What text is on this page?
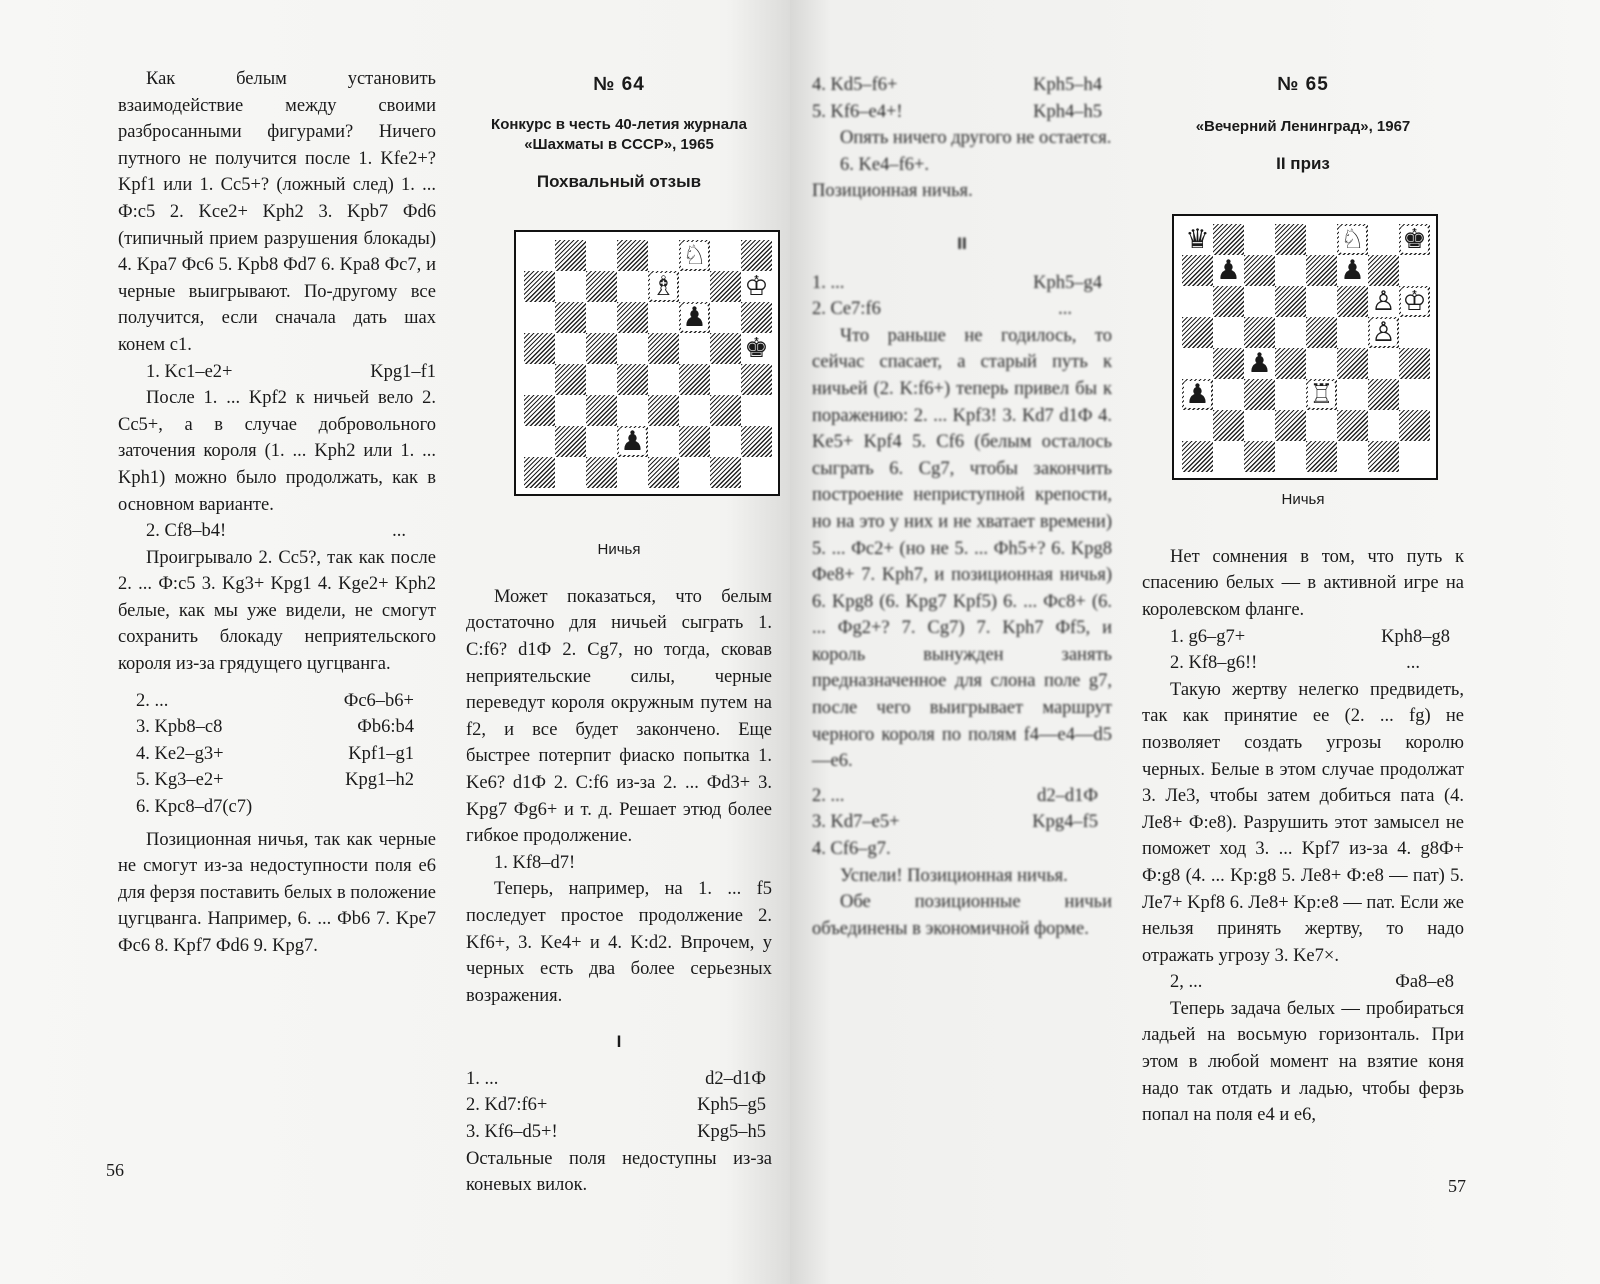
Как белым установить взаимодействие между своими разбросанными фигурами? Ничего путного не получится после 1. Kfe2+? Kpf1 или 1. Cc5+? (ложный след) 1. ... Ф:c5 2. Kce2+ Kph2 3. Kpb7 Фd6 (типичный прием разрушения блокады) 4. Kpa7 Фc6 5. Kpb8 Фd7 6. Kpa8 Фc7, и черные выигрывают. По-другому все получится, если сначала дать шах конем c1.

1. Kc1–e2+	Kpg1–f1

После 1. ... Kpf2 к ничьей вело 2. Cc5+, а в случае добровольного заточения короля (1. ... Kph2 или 1. ... Kph1) можно было продолжать, как в основном варианте.

2. Cf8–b4!	...

Проигрывало 2. Cc5?, так как после 2. ... Ф:c5 3. Kg3+ Kpg1 4. Kge2+ Kph2 белые, как мы уже видели, не смогут сохранить блокаду неприятельского короля из-за грядущего цугцванга.

2. ...	Фc6–b6+
3. Kpb8–c8	Фb6:b4
4. Ke2–g3+	Kpf1–g1
5. Kg3–e2+	Kpg1–h2
6. Kpc8–d7(c7)

Позиционная ничья, так как черные не смогут из-за недоступности поля e6 для ферзя поставить белых в положение цугцванга. Например, 6. ... Фb6 7. Kpe7 Фc6 8. Kpf7 Фd6 9. Kpg7.

56
№ 64
Конкурс в честь 40-летия журнала «Шахматы в СССР», 1965
Похвальный отзыв
Ничья

Может показаться, что белым достаточно для ничьей сыграть 1. C:f6? d1Ф 2. Cg7, но тогда, сковав неприятельские силы, черные переведут короля окружным путем на f2, и все будет закончено. Еще быстрее потерпит фиаско попытка 1. Ke6? d1Ф 2. C:f6 из-за 2. ... Фd3+ 3. Kpg7 Фg6+ и т. д. Решает этюд более гибкое продолжение.

1. Kf8–d7!

Теперь, например, на 1. ... f5 последует простое продолжение 2. Kf6+, 3. Ke4+ и 4. K:d2. Впрочем, у черных есть два более серьезных возражения.

I
1. ...	d2–d1Ф
2. Kd7:f6+	Kph5–g5
3. Kf6–d5+!	Kpg5–h5

Остальные поля недоступны из-за коневых вилок.

♘
♗	♔
♟
♚
♟
4. Kd5–f6+	Kph5–h4
5. Kf6–e4+!	Kph4–h5

Опять ничего другого не остается.

6. Ke4–f6+.

Позиционная ничья.

II
1. ...	Kph5–g4
2. Ce7:f6	...

Что раньше не годилось, то сейчас спасает, а старый путь к ничьей (2. K:f6+) теперь привел бы к поражению: 2. ... Kpf3! 3. Kd7 d1Ф 4. Ke5+ Kpf4 5. Cf6 (белым осталось сыграть 6. Cg7, чтобы закончить построение неприступной крепости, но на это у них и не хватает времени) 5. ... Фc2+ (но не 5. ... Фh5+? 6. Kpg8 Фe8+ 7. Kph7, и позиционная ничья) 6. Kpg8 (6. Kpg7 Kpf5) 6. ... Фc8+ (6. ... Фg2+? 7. Cg7) 7. Kph7 Фf5, и король вынужден занять предназначенное для слона поле g7, после чего выигрывает маршрут черного короля по полям f4—e4—d5—e6.

2. ...	d2–d1Ф
3. Kd7–e5+	Kpg4–f5
4. Cf6–g7.

Успели! Позиционная ничья.

Обе позиционные ничьи объединены в экономичной форме.

№ 65
«Вечерний Ленинград», 1967
II приз
Ничья

Нет сомнения в том, что путь к спасению белых — в активной игре на королевском фланге.

1. g6–g7+	Kph8–g8
2. Kf8–g6!!	...

Такую жертву нелегко предвидеть, так как принятие ее (2. ... fg) не позволяет создать угрозы королю черных. Белые в этом случае продолжат 3. Лe3, чтобы затем добиться пата (4. Лe8+ Ф:e8). Разрушить этот замысел не поможет ход 3. ... Kpf7 из-за 4. g8Ф+ Ф:g8 (4. ... Kp:g8 5. Лe8+ Ф:e8 — пат) 5. Лe7+ Kpf8 6. Лe8+ Kp:e8 — пат. Если же нельзя принять жертву, то надо отражать угрозу 3. Ke7×.

2, ...	Фa8–e8

Теперь задача белых — пробираться ладьей на восьмую горизонталь. При этом в любой момент на взятие коня надо так отдать и ладью, чтобы ферзь попал на поля e4 и e6,

57
♛	♘ ♚
♟	♟
♙ ♔
♙
♟
♟	♖
